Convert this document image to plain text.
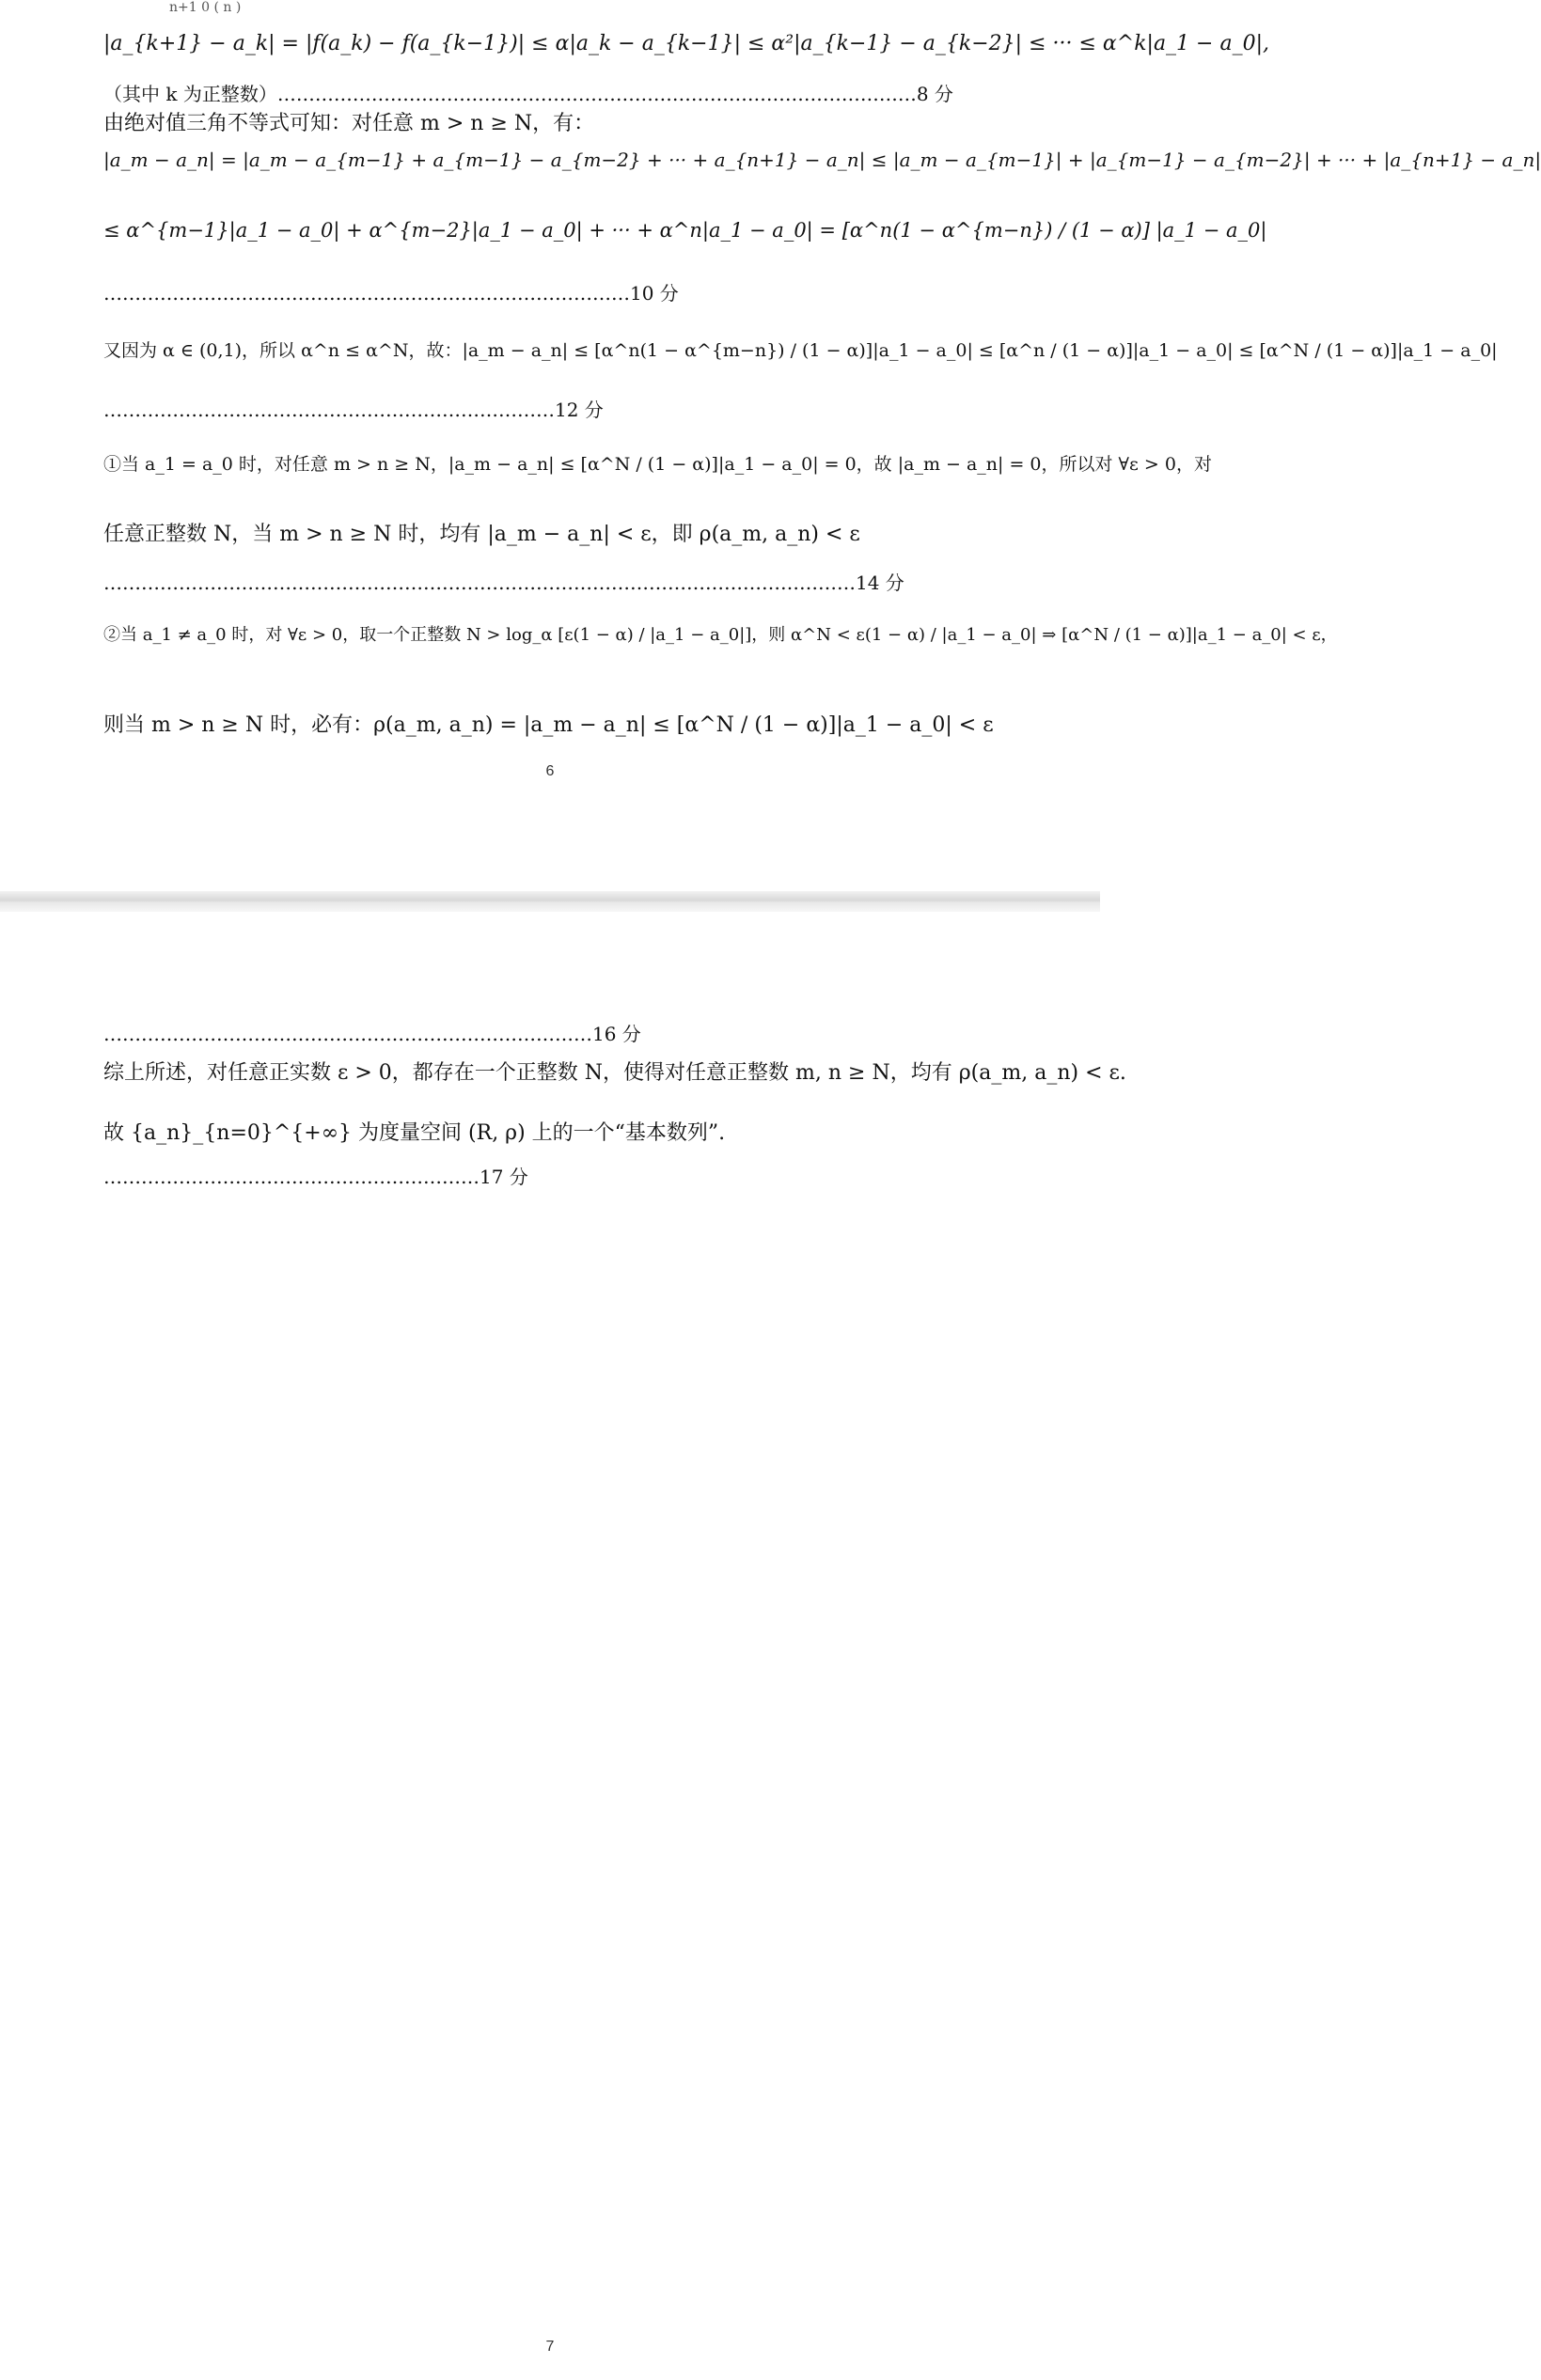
n+1 0 ( n )
|a_{k+1} − a_k| = |f(a_k) − f(a_{k−1})| ≤ α|a_k − a_{k−1}| ≤ α²|a_{k−1} − a_{k−2}| ≤ ··· ≤ α^k|a_1 − a_0|,
（其中 k 为正整数）…………………………………………………………………………………………8 分
由绝对值三角不等式可知：对任意 m > n ≥ N，有：
|a_m − a_n| = |a_m − a_{m−1} + a_{m−1} − a_{m−2} + ··· + a_{n+1} − a_n| ≤ |a_m − a_{m−1}| + |a_{m−1} − a_{m−2}| + ··· + |a_{n+1} − a_n|
≤ α^{m−1}|a_1 − a_0| + α^{m−2}|a_1 − a_0| + ··· + α^n|a_1 − a_0| = [α^n(1 − α^{m−n}) / (1 − α)] |a_1 − a_0|
…………………………………………………………………………10 分
又因为 α ∈ (0,1)，所以 α^n ≤ α^N，故：|a_m − a_n| ≤ [α^n(1 − α^{m−n}) / (1 − α)]|a_1 − a_0| ≤ [α^n / (1 − α)]|a_1 − a_0| ≤ [α^N / (1 − α)]|a_1 − a_0|
………………………………………………………………12 分
①当 a_1 = a_0 时，对任意 m > n ≥ N，|a_m − a_n| ≤ [α^N / (1 − α)]|a_1 − a_0| = 0，故 |a_m − a_n| = 0，所以对 ∀ε > 0，对
任意正整数 N，当 m > n ≥ N 时，均有 |a_m − a_n| < ε，即 ρ(a_m, a_n) < ε
…………………………………………………………………………………………………………14 分
②当 a_1 ≠ a_0 时，对 ∀ε > 0，取一个正整数 N > log_α [ε(1 − α) / |a_1 − a_0|]，则 α^N < ε(1 − α) / |a_1 − a_0| ⇒ [α^N / (1 − α)]|a_1 − a_0| < ε，
则当 m > n ≥ N 时，必有：ρ(a_m, a_n) = |a_m − a_n| ≤ [α^N / (1 − α)]|a_1 − a_0| < ε
6
……………………………………………………………………16 分
综上所述，对任意正实数 ε > 0，都存在一个正整数 N，使得对任意正整数 m, n ≥ N，均有 ρ(a_m, a_n) < ε.
故 {a_n}_{n=0}^{+∞} 为度量空间 (R, ρ) 上的一个“基本数列”.
……………………………………………………17 分
7
